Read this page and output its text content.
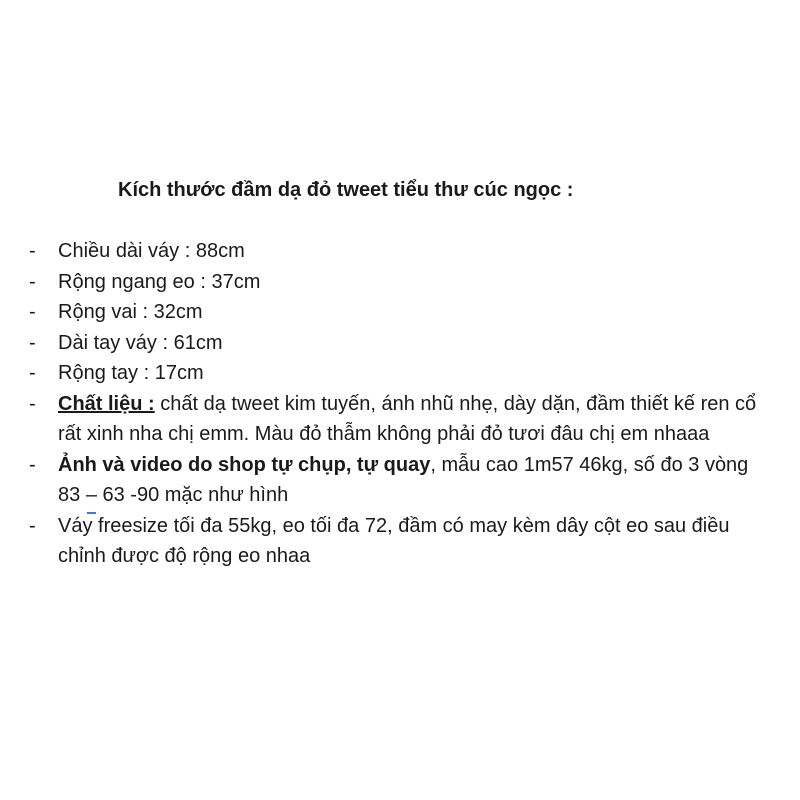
Kích thước đầm dạ đỏ tweet tiểu thư cúc ngọc :
-	Chiều dài váy : 88cm
-	Rộng ngang eo : 37cm
-	Rộng vai : 32cm
-	Dài tay váy : 61cm
-	Rộng tay : 17cm
-	Chất liệu : chất dạ tweet kim tuyến, ánh nhũ nhẹ, dày dặn, đầm thiết kế ren cổ rất xinh nha chị emm. Màu đỏ thẫm không phải đỏ tươi đâu chị em nhaaa
-	Ảnh và video do shop tự chụp, tự quay, mẫu cao 1m57 46kg, số đo 3 vòng 83 – 63 -90 mặc như hình
-	Váy freesize tối đa 55kg, eo tối đa 72, đầm có may kèm dây cột eo sau điều chỉnh được độ rộng eo nhaa
